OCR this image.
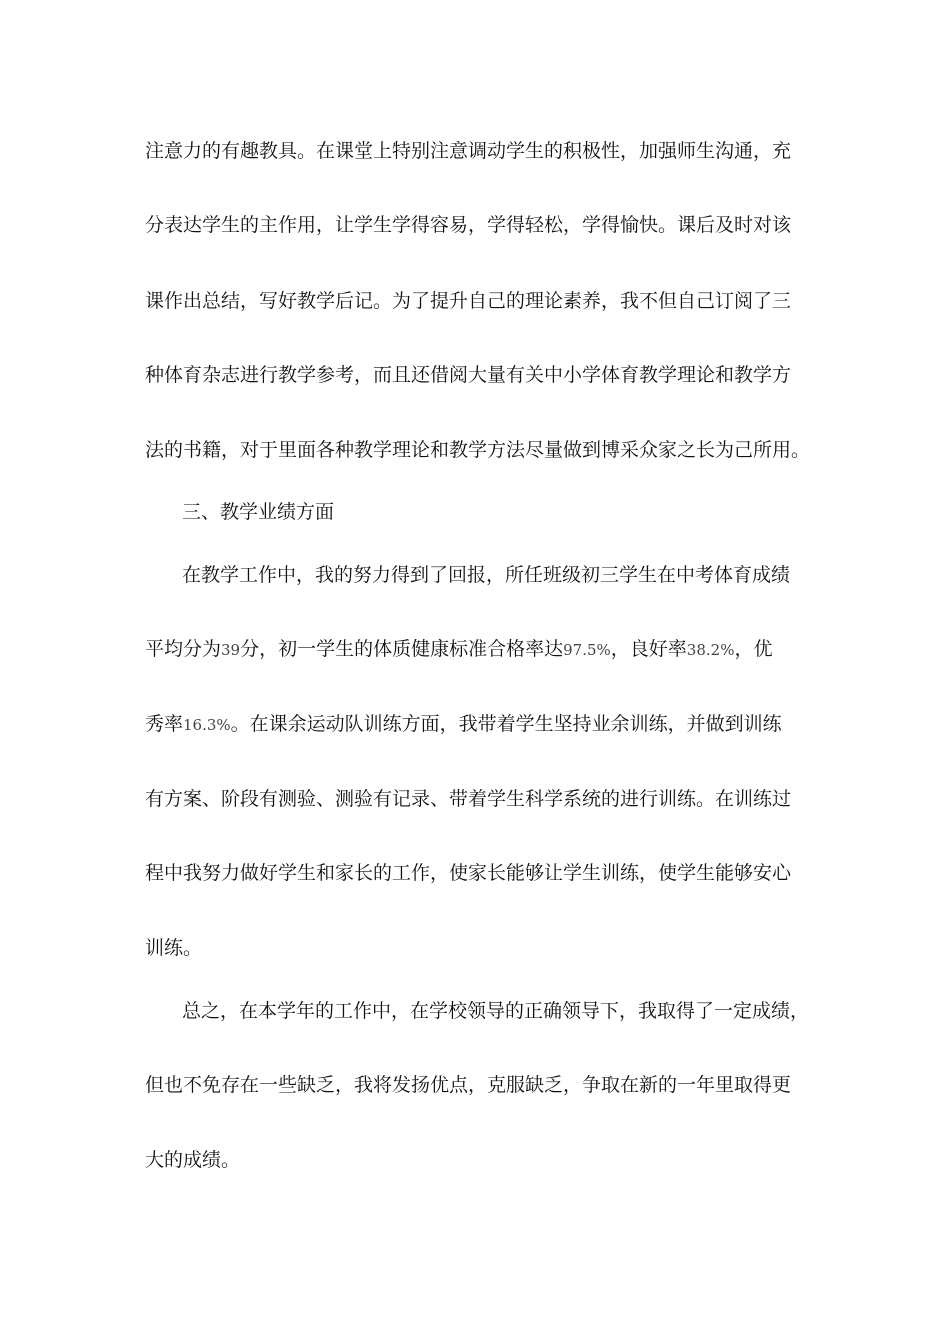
注意力的有趣教具。在课堂上特别注意调动学生的积极性，加强师生沟通，充
分表达学生的主作用，让学生学得容易，学得轻松，学得愉快。课后及时对该
课作出总结，写好教学后记。为了提升自己的理论素养，我不但自己订阅了三
种体育杂志进行教学参考，而且还借阅大量有关中小学体育教学理论和教学方
法的书籍，对于里面各种教学理论和教学方法尽量做到博采众家之长为己所用。
三、教学业绩方面
在教学工作中，我的努力得到了回报，所任班级初三学生在中考体育成绩
平均分为39分，初一学生的体质健康标准合格率达97.5%，良好率38.2%，优
秀率16.3%。在课余运动队训练方面，我带着学生坚持业余训练，并做到训练
有方案、阶段有测验、测验有记录、带着学生科学系统的进行训练。在训练过
程中我努力做好学生和家长的工作，使家长能够让学生训练，使学生能够安心
训练。
总之，在本学年的工作中，在学校领导的正确领导下，我取得了一定成绩，
但也不免存在一些缺乏，我将发扬优点，克服缺乏，争取在新的一年里取得更
大的成绩。
